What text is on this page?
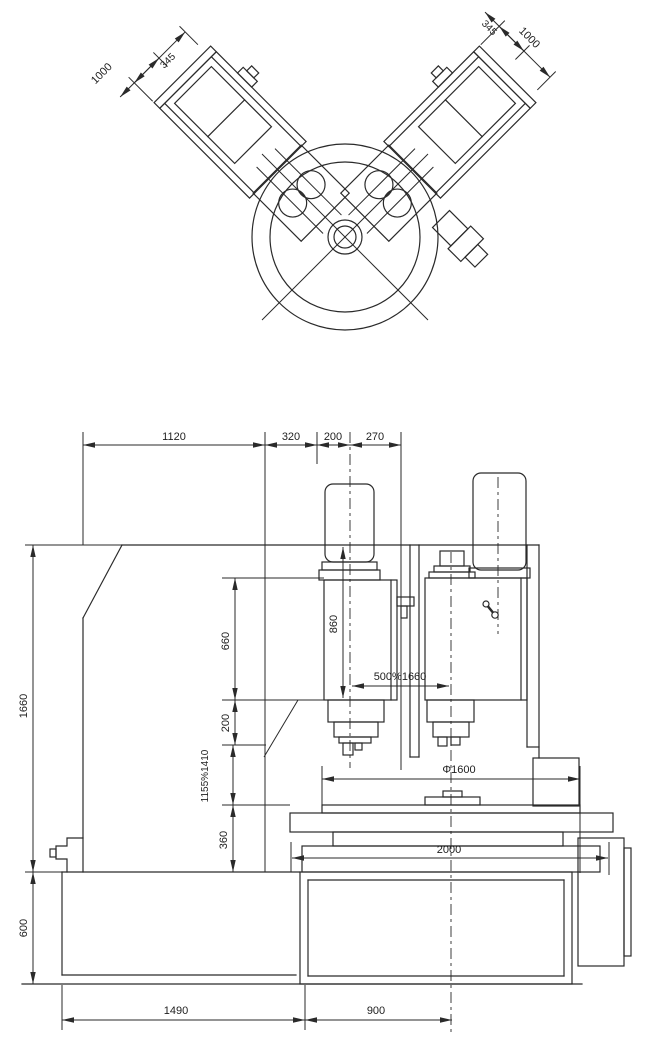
1000	345
345 1000
1120	320 200 270
1660
600
660
200
1155%1410
360
860
500%1660
Φ1600
2000
1490	900
